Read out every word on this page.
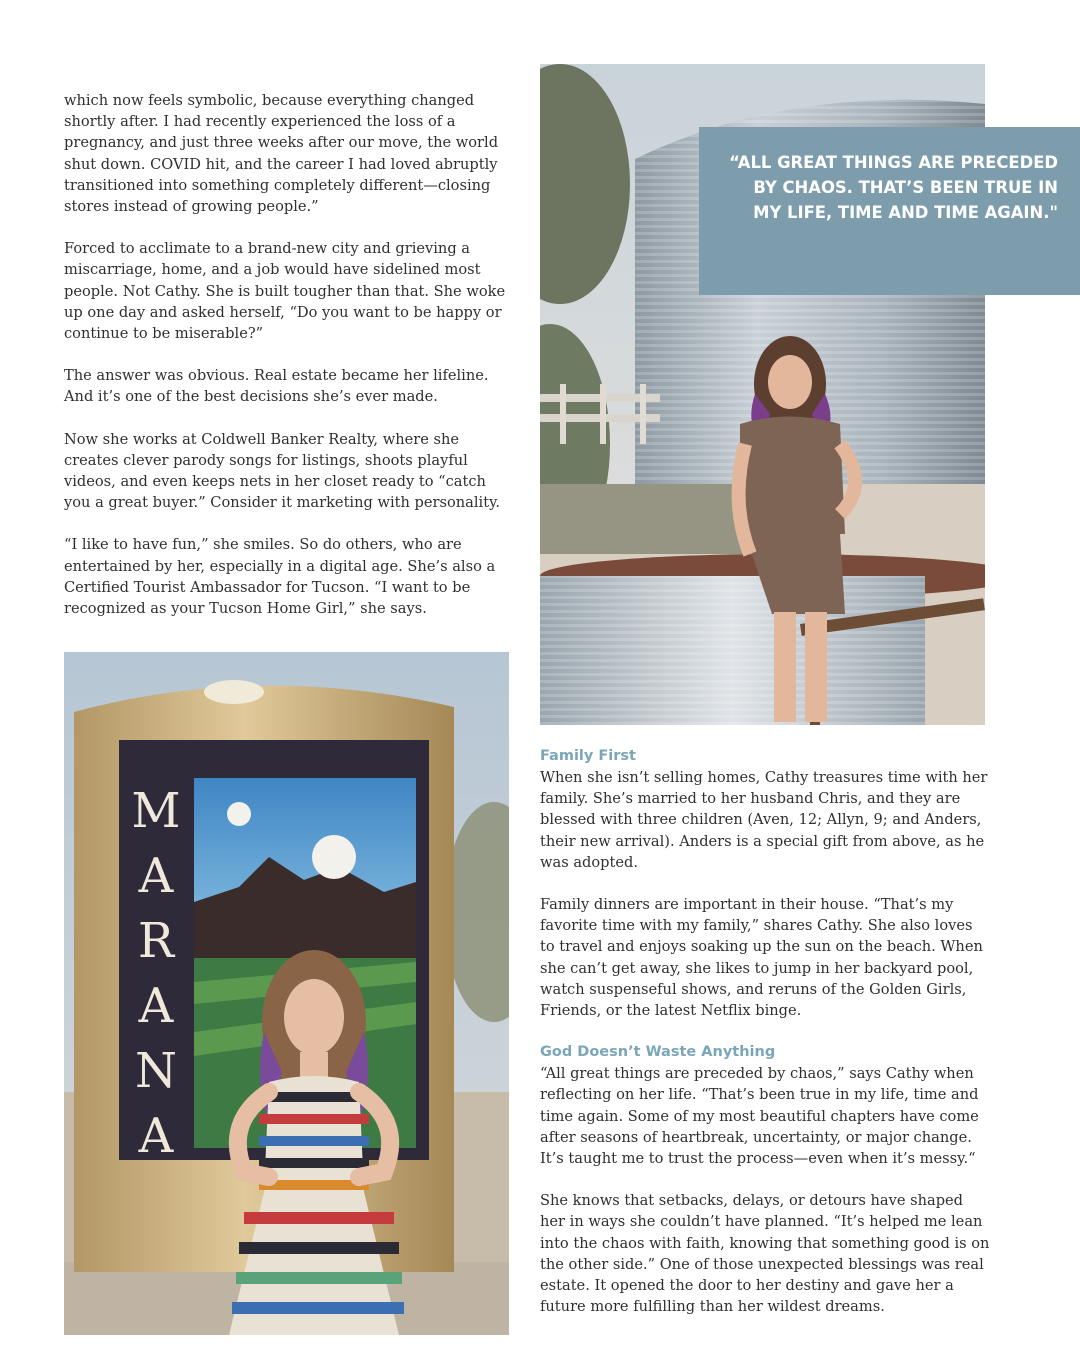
which now feels symbolic, because everything changed shortly after. I had recently experienced the loss of a pregnancy, and just three weeks after our move, the world shut down. COVID hit, and the career I had loved abruptly transitioned into something completely different—closing stores instead of growing people.”

Forced to acclimate to a brand-new city and grieving a miscarriage, home, and a job would have sidelined most people. Not Cathy. She is built tougher than that. She woke up one day and asked herself, “Do you want to be happy or continue to be miserable?”

The answer was obvious. Real estate became her lifeline. And it’s one of the best decisions she’s ever made.

Now she works at Coldwell Banker Realty, where she creates clever parody songs for listings, shoots playful videos, and even keeps nets in her closet ready to “catch you a great buyer.” Consider it marketing with personality.

“I like to have fun,” she smiles. So do others, who are entertained by her, especially in a digital age. She’s also a Certified Tourist Ambassador for Tucson. “I want to be recognized as your Tucson Home Girl,” she says.

“ALL GREAT THINGS ARE PRECEDED BY CHAOS. THAT’S BEEN TRUE IN MY LIFE, TIME AND TIME AGAIN."

M
A
R
A
N
A
Family First

When she isn’t selling homes, Cathy treasures time with her family. She’s married to her husband Chris, and they are blessed with three children (Aven, 12; Allyn, 9; and Anders, their new arrival). Anders is a special gift from above, as he was adopted.

Family dinners are important in their house. “That’s my favorite time with my family,” shares Cathy. She also loves to travel and enjoys soaking up the sun on the beach. When she can’t get away, she likes to jump in her backyard pool, watch suspenseful shows, and reruns of the Golden Girls, Friends, or the latest Netflix binge.

God Doesn’t Waste Anything

“All great things are preceded by chaos,” says Cathy when reflecting on her life. “That’s been true in my life, time and time again. Some of my most beautiful chapters have come after seasons of heartbreak, uncertainty, or major change. It’s taught me to trust the process—even when it’s messy.“

She knows that setbacks, delays, or detours have shaped her in ways she couldn’t have planned. “It’s helped me lean into the chaos with faith, knowing that something good is on the other side.” One of those unexpected blessings was real estate. It opened the door to her destiny and gave her a future more fulfilling than her wildest dreams.
